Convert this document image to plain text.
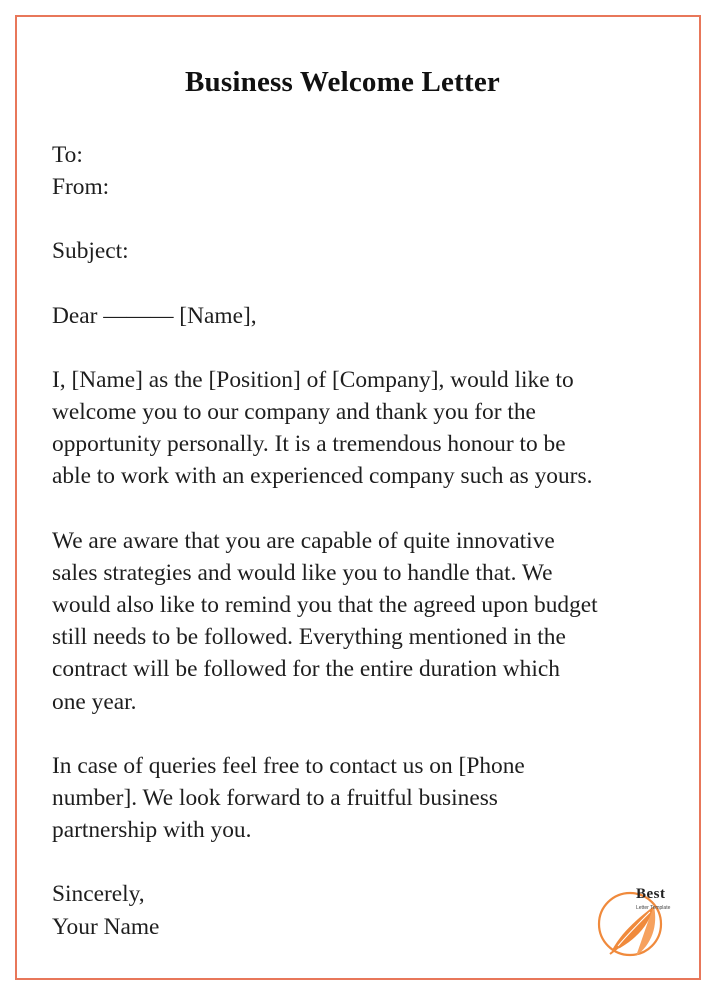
Business Welcome Letter
To:
From:
Subject:
Dear ——— [Name],
I, [Name] as the [Position] of [Company], would like to
welcome you to our company and thank you for the
opportunity personally. It is a tremendous honour to be
able to work with an experienced company such as yours.
We are aware that you are capable of quite innovative
sales strategies and would like you to handle that. We
would also like to remind you that the agreed upon budget
still needs to be followed. Everything mentioned in the
contract will be followed for the entire duration which
one year.
In case of queries feel free to contact us on [Phone
number]. We look forward to a fruitful business
partnership with you.
Sincerely,
Your Name
Best
Letter Template
